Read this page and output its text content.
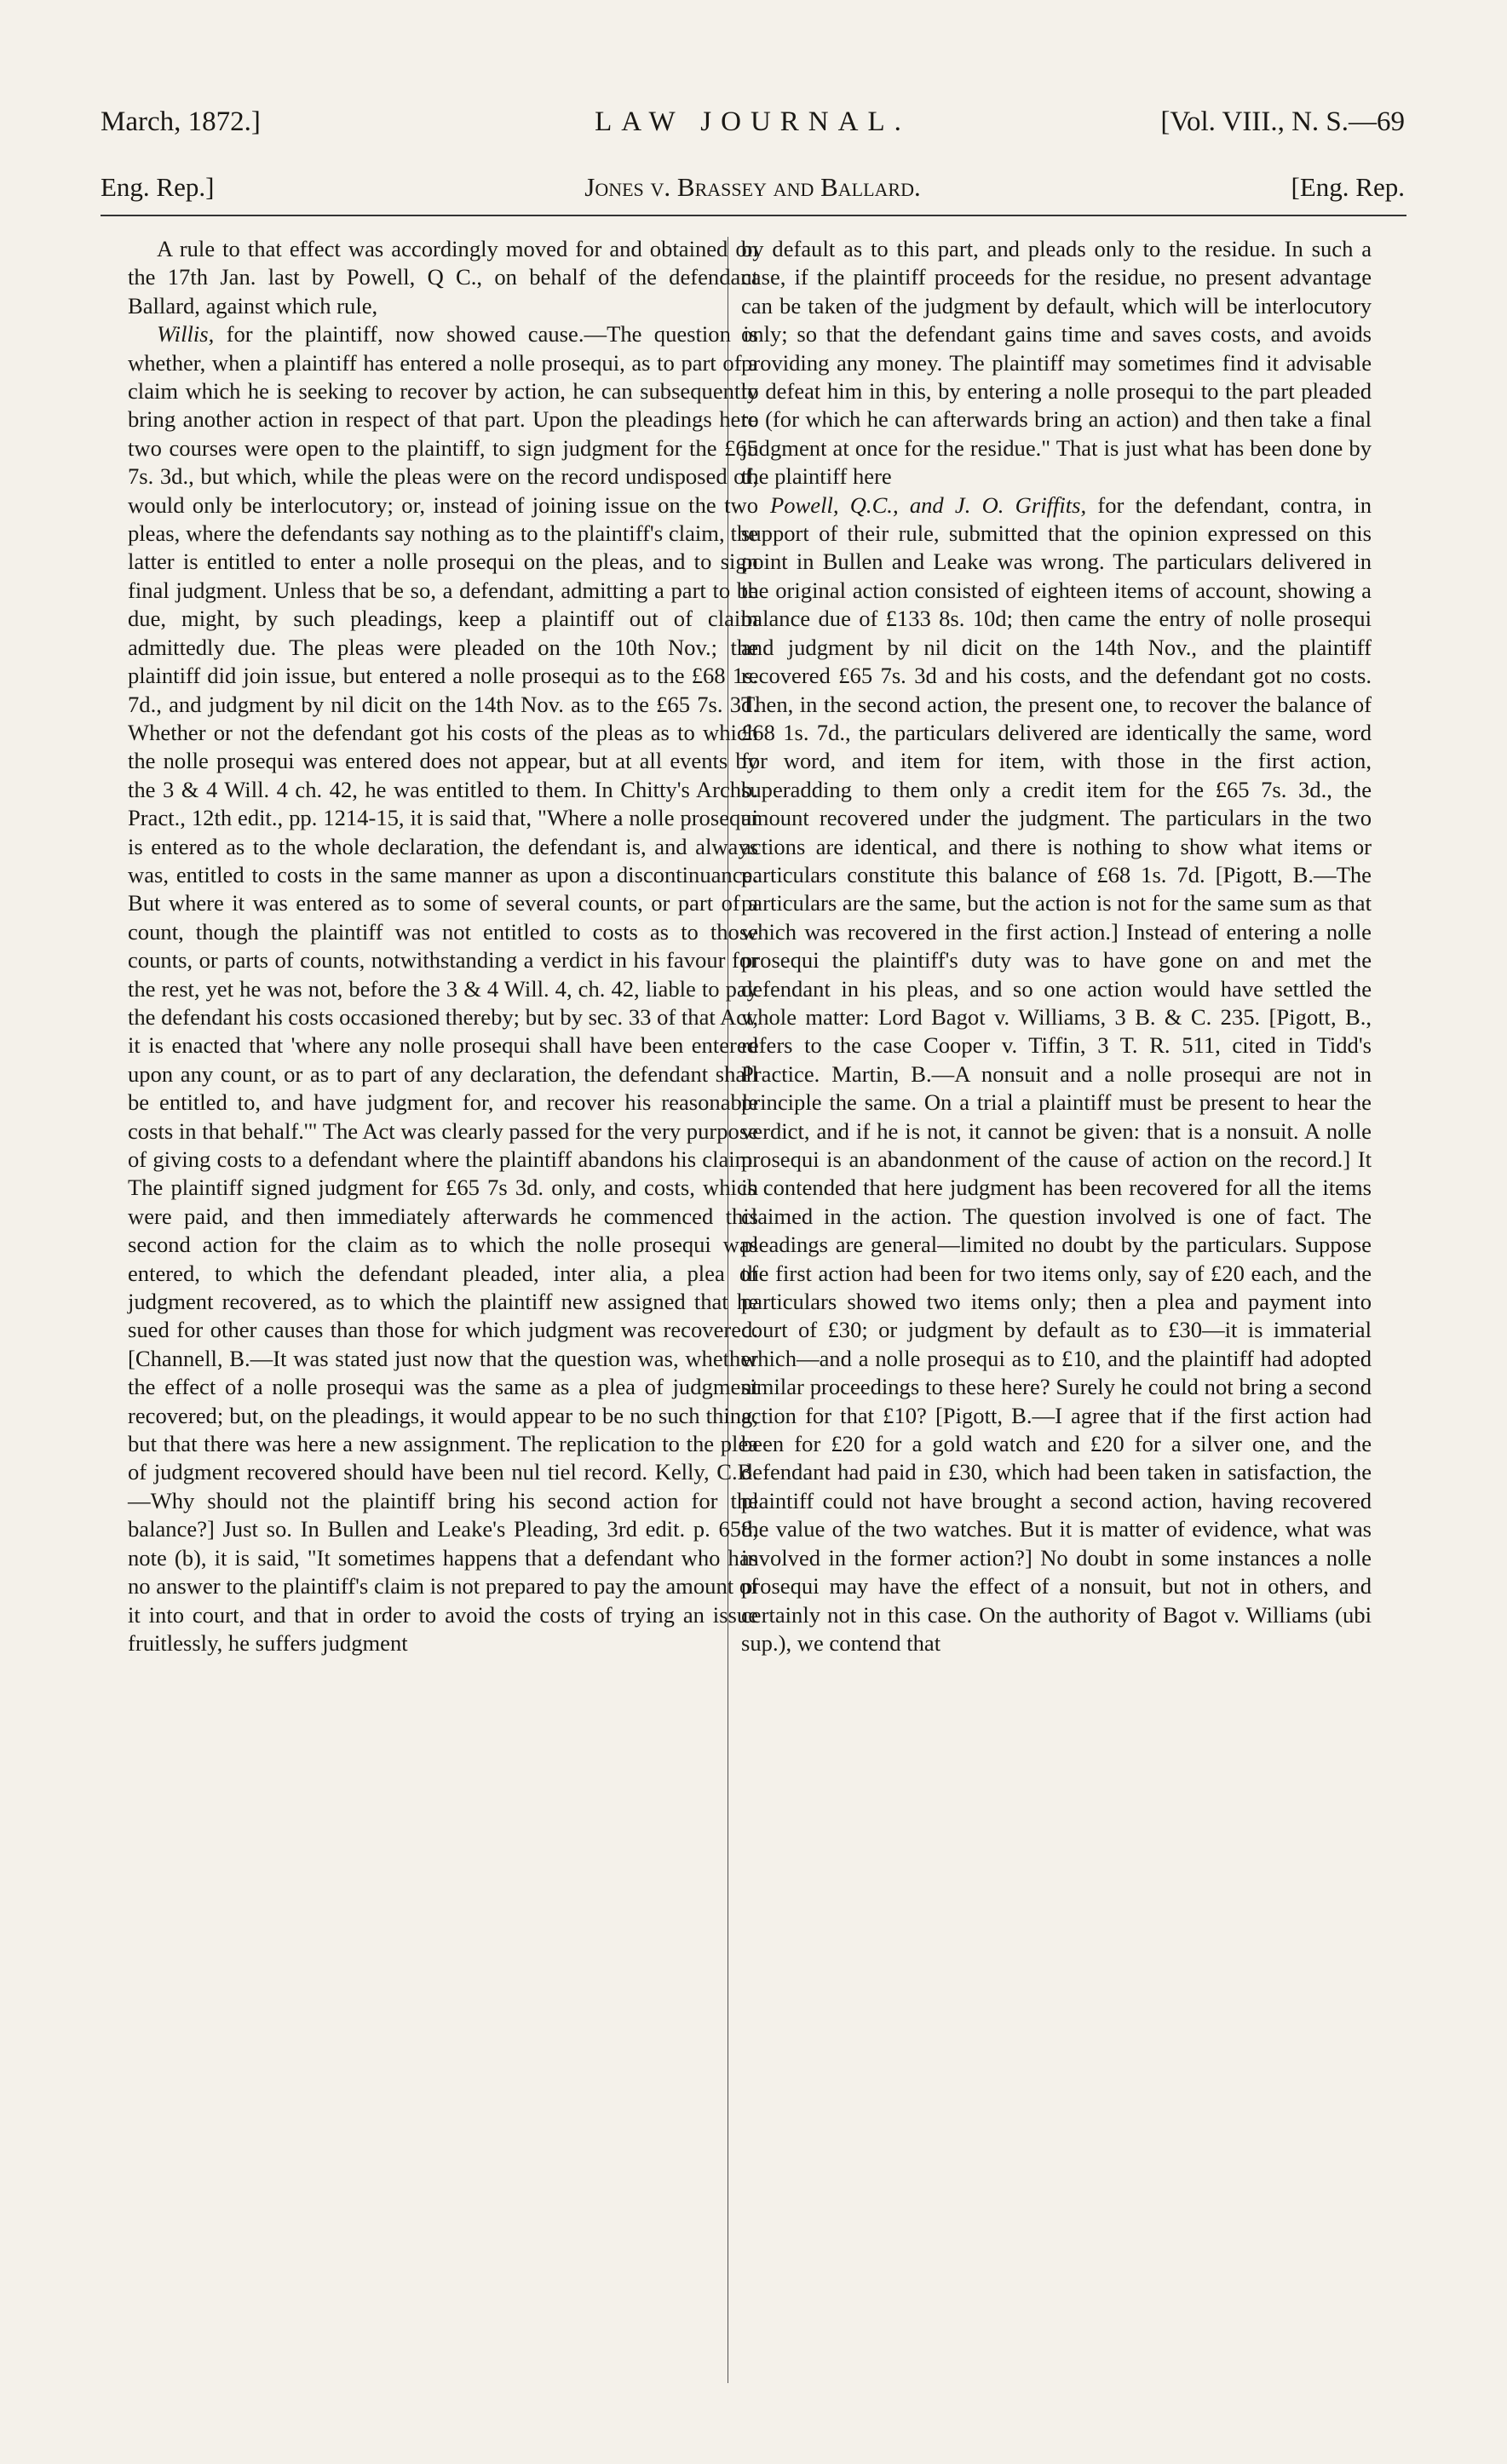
March, 1872.]	LAW JOURNAL.	[Vol. VIII., N. S.—69
Eng. Rep.]	Jones v. Brassey and Ballard.	[Eng. Rep.

A rule to that effect was accordingly moved for and obtained on the 17th Jan. last by Powell, Q C., on behalf of the defendant Ballard, against which rule,

Willis, for the plaintiff, now showed cause.—The question is whether, when a plaintiff has entered a nolle prosequi, as to part of a claim which he is seeking to recover by action, he can subsequently bring another action in respect of that part. Upon the pleadings here two courses were open to the plaintiff, to sign judgment for the £65 7s. 3d., but which, while the pleas were on the record undisposed of, would only be interlocutory; or, instead of joining issue on the two pleas, where the defendants say nothing as to the plaintiff's claim, the latter is entitled to enter a nolle prosequi on the pleas, and to sign final judgment. Unless that be so, a defendant, admitting a part to be due, might, by such pleadings, keep a plaintiff out of claim admittedly due. The pleas were pleaded on the 10th Nov.; the plaintiff did join issue, but entered a nolle prosequi as to the £68 1s. 7d., and judgment by nil dicit on the 14th Nov. as to the £65 7s. 3d. Whether or not the defendant got his costs of the pleas as to which the nolle prosequi was entered does not appear, but at all events by the 3 & 4 Will. 4 ch. 42, he was entitled to them. In Chitty's Archb. Pract., 12th edit., pp. 1214-15, it is said that, "Where a nolle prosequi is entered as to the whole declaration, the defendant is, and always was, entitled to costs in the same manner as upon a discontinuance. But where it was entered as to some of several counts, or part of a count, though the plaintiff was not entitled to costs as to those counts, or parts of counts, notwithstanding a verdict in his favour for the rest, yet he was not, before the 3 & 4 Will. 4, ch. 42, liable to pay the defendant his costs occasioned thereby; but by sec. 33 of that Act, it is enacted that 'where any nolle prosequi shall have been entered upon any count, or as to part of any declaration, the defendant shall be entitled to, and have judgment for, and recover his reasonable costs in that behalf.'" The Act was clearly passed for the very purpose of giving costs to a defendant where the plaintiff abandons his claim. The plaintiff signed judgment for £65 7s 3d. only, and costs, which were paid, and then immediately afterwards he commenced this second action for the claim as to which the nolle prosequi was entered, to which the defendant pleaded, inter alia, a plea of judgment recovered, as to which the plaintiff new assigned that he sued for other causes than those for which judgment was recovered. [Channell, B.—It was stated just now that the question was, whether the effect of a nolle prosequi was the same as a plea of judgment recovered; but, on the pleadings, it would appear to be no such thing, but that there was here a new assignment. The replication to the plea of judgment recovered should have been nul tiel record. Kelly, C.B.—Why should not the plaintiff bring his second action for the balance?] Just so. In Bullen and Leake's Pleading, 3rd edit. p. 658, note (b), it is said, "It sometimes happens that a defendant who has no answer to the plaintiff's claim is not prepared to pay the amount of it into court, and that in order to avoid the costs of trying an issue fruitlessly, he suffers judgment

by default as to this part, and pleads only to the residue. In such a case, if the plaintiff proceeds for the residue, no present advantage can be taken of the judgment by default, which will be interlocutory only; so that the defendant gains time and saves costs, and avoids providing any money. The plaintiff may sometimes find it advisable to defeat him in this, by entering a nolle prosequi to the part pleaded to (for which he can afterwards bring an action) and then take a final judgment at once for the residue." That is just what has been done by the plaintiff here

Powell, Q.C., and J. O. Griffits, for the defendant, contra, in support of their rule, submitted that the opinion expressed on this point in Bullen and Leake was wrong. The particulars delivered in the original action consisted of eighteen items of account, showing a balance due of £133 8s. 10d; then came the entry of nolle prosequi and judgment by nil dicit on the 14th Nov., and the plaintiff recovered £65 7s. 3d and his costs, and the defendant got no costs. Then, in the second action, the present one, to recover the balance of £68 1s. 7d., the particulars delivered are identically the same, word for word, and item for item, with those in the first action, superadding to them only a credit item for the £65 7s. 3d., the amount recovered under the judgment. The particulars in the two actions are identical, and there is nothing to show what items or particulars constitute this balance of £68 1s. 7d. [Pigott, B.—The particulars are the same, but the action is not for the same sum as that which was recovered in the first action.] Instead of entering a nolle prosequi the plaintiff's duty was to have gone on and met the defendant in his pleas, and so one action would have settled the whole matter: Lord Bagot v. Williams, 3 B. & C. 235. [Pigott, B., refers to the case Cooper v. Tiffin, 3 T. R. 511, cited in Tidd's Practice. Martin, B.—A nonsuit and a nolle prosequi are not in principle the same. On a trial a plaintiff must be present to hear the verdict, and if he is not, it cannot be given: that is a nonsuit. A nolle prosequi is an abandonment of the cause of action on the record.] It is contended that here judgment has been recovered for all the items claimed in the action. The question involved is one of fact. The pleadings are general—limited no doubt by the particulars. Suppose the first action had been for two items only, say of £20 each, and the particulars showed two items only; then a plea and payment into court of £30; or judgment by default as to £30—it is immaterial which—and a nolle prosequi as to £10, and the plaintiff had adopted similar proceedings to these here? Surely he could not bring a second action for that £10? [Pigott, B.—I agree that if the first action had been for £20 for a gold watch and £20 for a silver one, and the defendant had paid in £30, which had been taken in satisfaction, the plaintiff could not have brought a second action, having recovered the value of the two watches. But it is matter of evidence, what was involved in the former action?] No doubt in some instances a nolle prosequi may have the effect of a nonsuit, but not in others, and certainly not in this case. On the authority of Bagot v. Williams (ubi sup.), we contend that
